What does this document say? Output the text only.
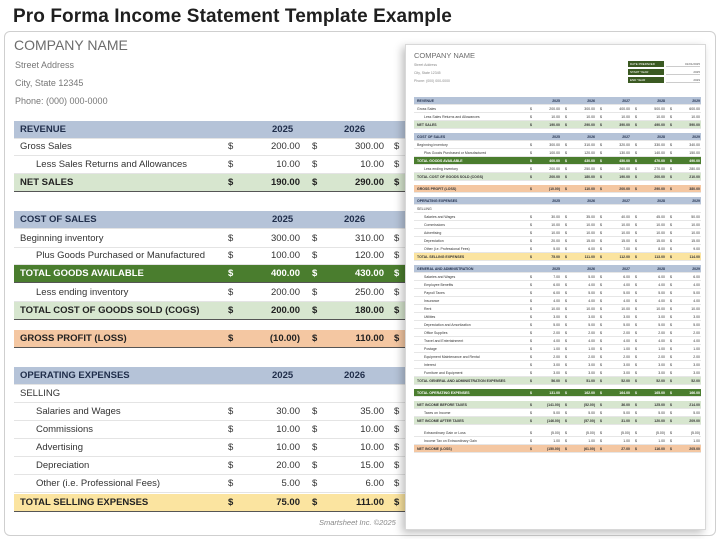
Pro Forma Income Statement Template Example
COMPANY NAME
Street Address
City, State 12345
Phone: (000) 000-0000
REVENUE	2025	2026
Gross Sales	$	200.00 $	300.00 $
Less Sales Returns and Allowances	$	10.00 $	10.00 $
NET SALES	$	190.00 $	290.00 $
COST OF SALES	2025	2026
Beginning inventory	$	300.00 $	310.00 $
Plus Goods Purchased or Manufactured $	100.00 $	120.00 $
TOTAL GOODS AVAILABLE	$	400.00 $	430.00 $
Less ending inventory	$	200.00 $	250.00 $
TOTAL COST OF GOODS SOLD (COGS)	$	200.00 $	180.00 $
GROSS PROFIT (LOSS)	$	(10.00) $	110.00 $
OPERATING EXPENSES	2025	2026
SELLING
Salaries and Wages	$	30.00 $	35.00 $
Commissions	$	10.00 $	10.00 $
Advertising	$	10.00 $	10.00 $
Depreciation	$	20.00 $	15.00 $
Other (i.e. Professional Fees)	$	5.00 $	6.00 $
TOTAL SELLING EXPENSES	$	75.00 $	111.00 $
Smartsheet Inc. ©2025
COMPANY NAME
Street Address
City, State 12345
Phone: (000) 000-0000
DATE PREPARED	01/01/2025
START YEAR	2025
END YEAR	2029
REVENUE	2025	2026	2027	2028	2029
Gross Sales	$	200.00 $	300.00 $	400.00 $	500.00 $	600.00
Less Sales Returns and Allowances	$	10.00 $	10.00 $	10.00 $	10.00 $	10.00
NET SALES	$	190.00 $	290.00 $	390.00 $	490.00 $	590.00
COST OF SALES	2025	2026	2027	2028	2029
Beginning inventory	$	300.00 $	310.00 $	320.00 $	330.00 $	340.00
Plus Goods Purchased or Manufactured	$	100.00 $	120.00 $	130.00 $	140.00 $	150.00
TOTAL GOODS AVAILABLE	$	400.00 $	430.00 $	450.00 $	470.00 $	490.00
Less ending inventory	$	200.00 $	250.00 $	260.00 $	270.00 $	280.00
TOTAL COST OF GOODS SOLD (COGS)	$	200.00 $	180.00 $	190.00 $	200.00 $	210.00
GROSS PROFIT (LOSS)	$	(10.00) $	110.00 $	200.00 $	290.00 $	380.00
OPERATING EXPENSES	2025	2026	2027	2028	2029
SELLING
Salaries and Wages	$	30.00 $	35.00 $	40.00 $	45.00 $	50.00
Commissions	$	10.00 $	10.00 $	10.00 $	10.00 $	10.00
Advertising	$	10.00 $	10.00 $	10.00 $	10.00 $	10.00
Depreciation	$	20.00 $	15.00 $	15.00 $	15.00 $	15.00
Other (i.e. Professional Fees)	$	5.00 $	6.00 $	7.00 $	8.00 $	9.00
TOTAL SELLING EXPENSES	$	75.00 $	111.00 $	112.00 $	113.00 $	114.00
GENERAL AND ADMINISTRATION	2025	2026	2027	2028	2029
Salaries and Wages	$	7.00 $	5.00 $	6.00 $	6.00 $	6.00
Employee Benefits	$	6.00 $	4.00 $	4.00 $	4.00 $	4.00
Payroll Taxes	$	6.00 $	5.00 $	5.00 $	5.00 $	5.00
Insurance	$	4.00 $	4.00 $	4.00 $	4.00 $	4.00
Rent	$	10.00 $	10.00 $	10.00 $	10.00 $	10.00
Utilities	$	3.00 $	3.00 $	3.00 $	3.00 $	3.00
Depreciation and Amortization	$	5.00 $	5.00 $	5.00 $	5.00 $	5.00
Office Supplies	$	2.00 $	2.00 $	2.00 $	2.00 $	2.00
Travel and Entertainment	$	4.00 $	4.00 $	4.00 $	4.00 $	4.00
Postage	$	1.00 $	1.00 $	1.00 $	1.00 $	1.00
Equipment Maintenance and Rental	$	2.00 $	2.00 $	2.00 $	2.00 $	2.00
Interest	$	3.00 $	3.00 $	3.00 $	3.00 $	3.00
Furniture and Equipment	$	3.00 $	3.00 $	3.00 $	3.00 $	3.00
TOTAL GENERAL AND ADMINISTRATION EXPENSES	$	56.00 $	51.00 $	52.00 $	52.00 $	52.00
TOTAL OPERATING EXPENSES	$	131.00 $	162.00 $	164.00 $	165.00 $	166.00
NET INCOME BEFORE TAXES	$	(141.00) $	(52.00) $	36.00 $	125.00 $	214.00
Taxes on Income	$	5.00 $	5.00 $	5.00 $	5.00 $	5.00
NET INCOME AFTER TAXES	$	(146.00) $	(57.00) $	31.00 $	120.00 $	209.00
Extraordinary Gain or Loss	$	(5.00) $	(5.00) $	(5.00) $	(5.00) $	(5.00)
Income Tax on Extraordinary Gain	$	1.00 $	1.00 $	1.00 $	1.00 $	1.00
NET INCOME (LOSS)	$	(150.00) $	(61.00) $	27.00 $	116.00 $	205.00
